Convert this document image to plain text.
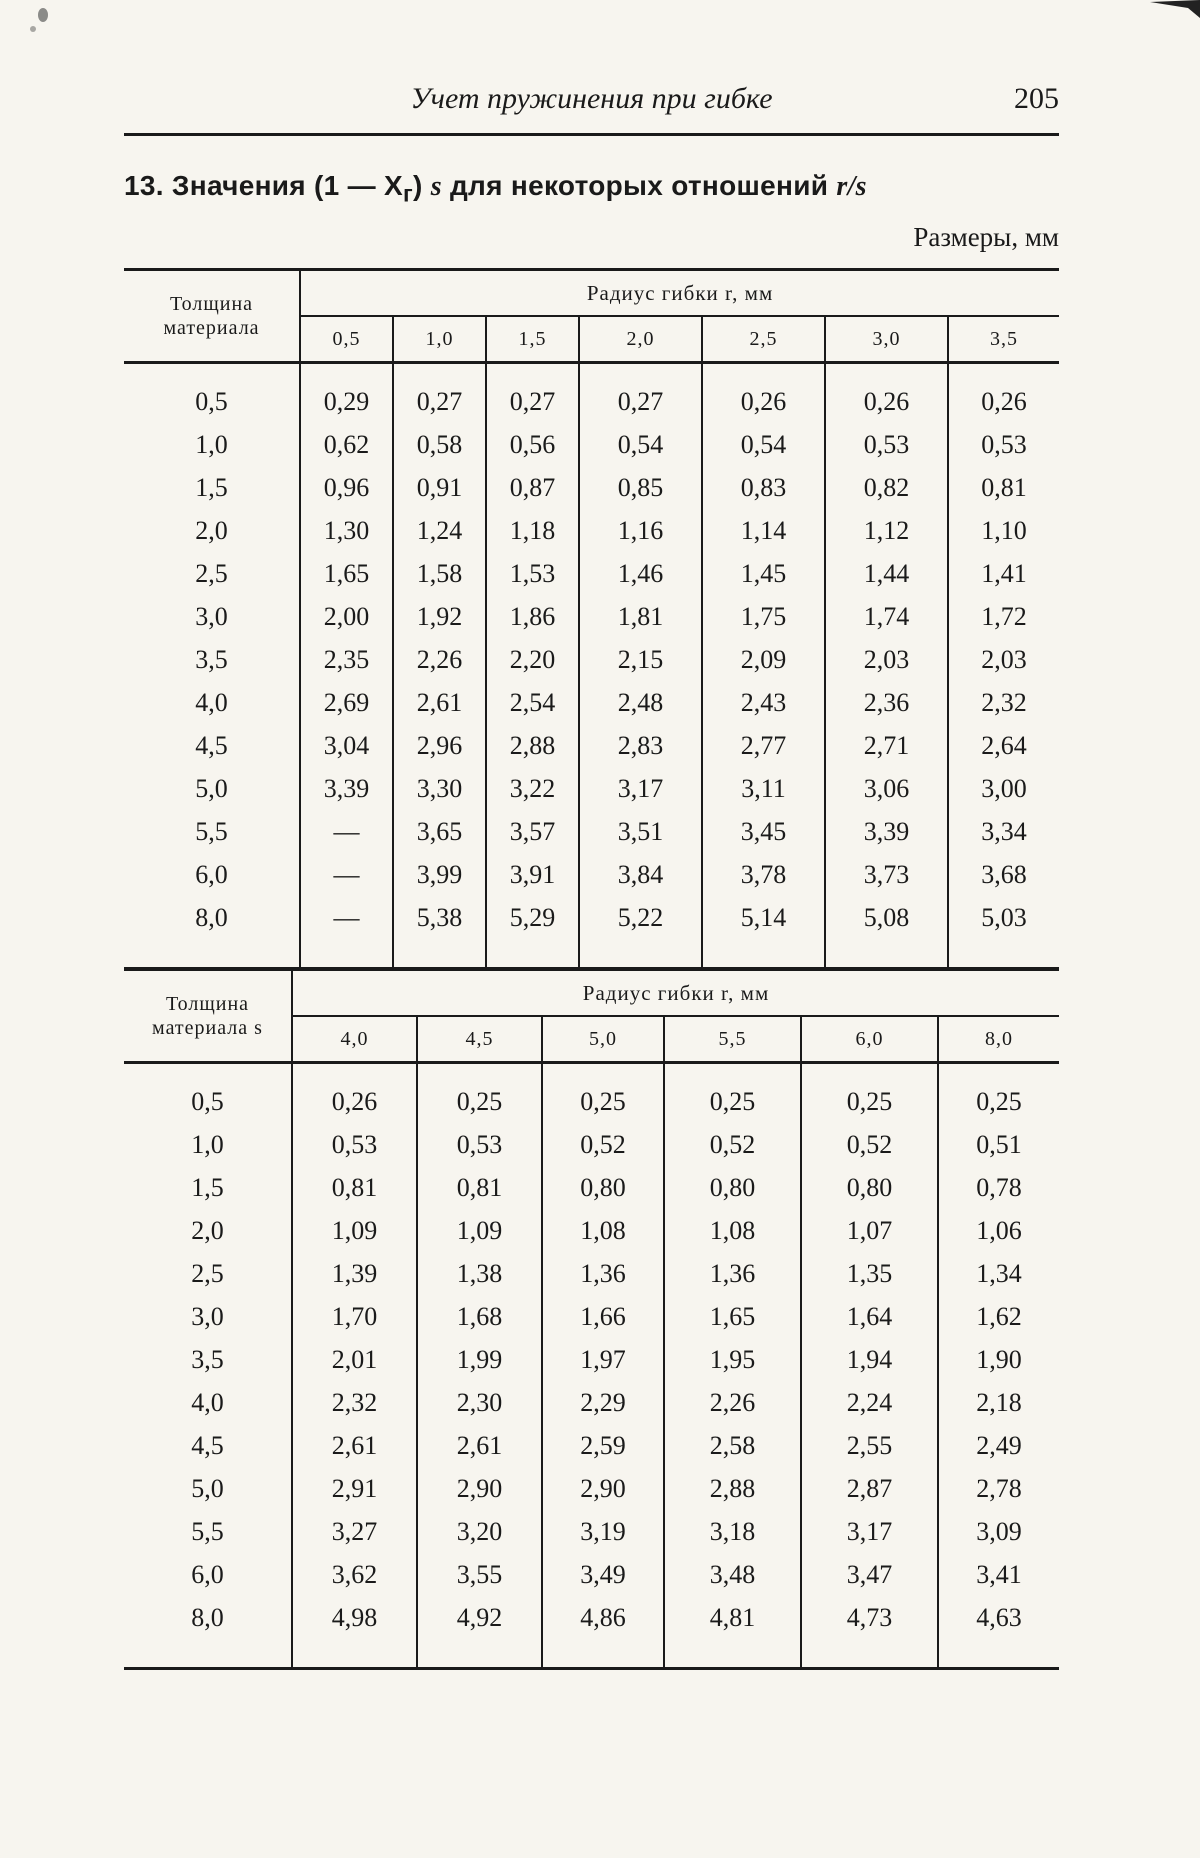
Учет пружинения при гибке	205
13. Значения (1 — $X_г$) s для некоторых отношений r/s
Размеры, мм
Толщина
материала	Радиус гибки r, мм						
	0,5	1,0	1,5	2,0	2,5	3,0	3,5

0,5	0,29	0,27	0,27	0,27	0,26	0,26	0,26
1,0	0,62	0,58	0,56	0,54	0,54	0,53	0,53
1,5	0,96	0,91	0,87	0,85	0,83	0,82	0,81
2,0	1,30	1,24	1,18	1,16	1,14	1,12	1,10
2,5	1,65	1,58	1,53	1,46	1,45	1,44	1,41
3,0	2,00	1,92	1,86	1,81	1,75	1,74	1,72
3,5	2,35	2,26	2,20	2,15	2,09	2,03	2,03
4,0	2,69	2,61	2,54	2,48	2,43	2,36	2,32
4,5	3,04	2,96	2,88	2,83	2,77	2,71	2,64
5,0	3,39	3,30	3,22	3,17	3,11	3,06	3,00
5,5	—	3,65	3,57	3,51	3,45	3,39	3,34
6,0	—	3,99	3,91	3,84	3,78	3,73	3,68
8,0	—	5,38	5,29	5,22	5,14	5,08	5,03

Толщина
материала s	Радиус гибки r, мм					
	4,0	4,5	5,0	5,5	6,0	8,0

0,5	0,26	0,25	0,25	0,25	0,25	0,25
1,0	0,53	0,53	0,52	0,52	0,52	0,51
1,5	0,81	0,81	0,80	0,80	0,80	0,78
2,0	1,09	1,09	1,08	1,08	1,07	1,06
2,5	1,39	1,38	1,36	1,36	1,35	1,34
3,0	1,70	1,68	1,66	1,65	1,64	1,62
3,5	2,01	1,99	1,97	1,95	1,94	1,90
4,0	2,32	2,30	2,29	2,26	2,24	2,18
4,5	2,61	2,61	2,59	2,58	2,55	2,49
5,0	2,91	2,90	2,90	2,88	2,87	2,78
5,5	3,27	3,20	3,19	3,18	3,17	3,09
6,0	3,62	3,55	3,49	3,48	3,47	3,41
8,0	4,98	4,92	4,86	4,81	4,73	4,63
